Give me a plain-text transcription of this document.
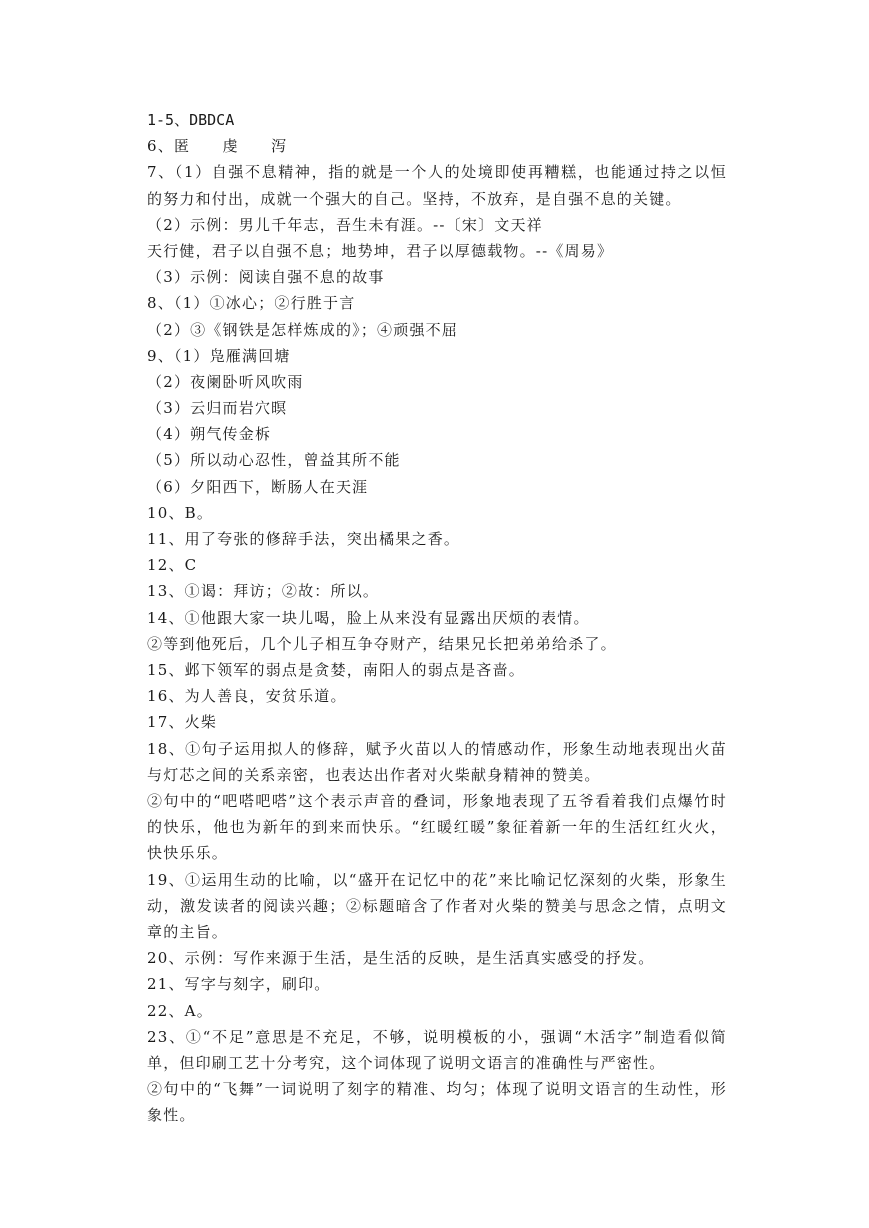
1-5、DBDCA
6、匿　　虔　　泻
7、（1）自强不息精神，指的就是一个人的处境即使再糟糕，也能通过持之以恒的努力和付出，成就一个强大的自己。坚持，不放弃，是自强不息的关键。
（2）示例：男儿千年志，吾生未有涯。--〔宋〕文天祥
天行健，君子以自强不息；地势坤，君子以厚德载物。--《周易》
（3）示例：阅读自强不息的故事
8、（1）①冰心；②行胜于言
（2）③《钢铁是怎样炼成的》；④顽强不屈
9、（1）凫雁满回塘
（2）夜阑卧听风吹雨
（3）云归而岩穴暝
（4）朔气传金柝
（5）所以动心忍性，曾益其所不能
（6）夕阳西下，断肠人在天涯
10、B。
11、用了夸张的修辞手法，突出橘果之香。
12、C
13、①谒：拜访；②故：所以。
14、①他跟大家一块儿喝，脸上从来没有显露出厌烦的表情。
②等到他死后，几个儿子相互争夺财产，结果兄长把弟弟给杀了。
15、邺下领军的弱点是贪婪，南阳人的弱点是吝啬。
16、为人善良，安贫乐道。
17、火柴
18、①句子运用拟人的修辞，赋予火苗以人的情感动作，形象生动地表现出火苗与灯芯之间的关系亲密，也表达出作者对火柴献身精神的赞美。
②句中的“吧嗒吧嗒”这个表示声音的叠词，形象地表现了五爷看着我们点爆竹时的快乐，他也为新年的到来而快乐。“红暖红暖”象征着新一年的生活红红火火，快快乐乐。
19、①运用生动的比喻，以“盛开在记忆中的花”来比喻记忆深刻的火柴，形象生动，激发读者的阅读兴趣；②标题暗含了作者对火柴的赞美与思念之情，点明文章的主旨。
20、示例：写作来源于生活，是生活的反映，是生活真实感受的抒发。
21、写字与刻字，刷印。
22、A。
23、①“不足”意思是不充足，不够，说明模板的小，强调“木活字”制造看似简单，但印刷工艺十分考究，这个词体现了说明文语言的准确性与严密性。
②句中的“飞舞”一词说明了刻字的精准、均匀；体现了说明文语言的生动性，形象性。
